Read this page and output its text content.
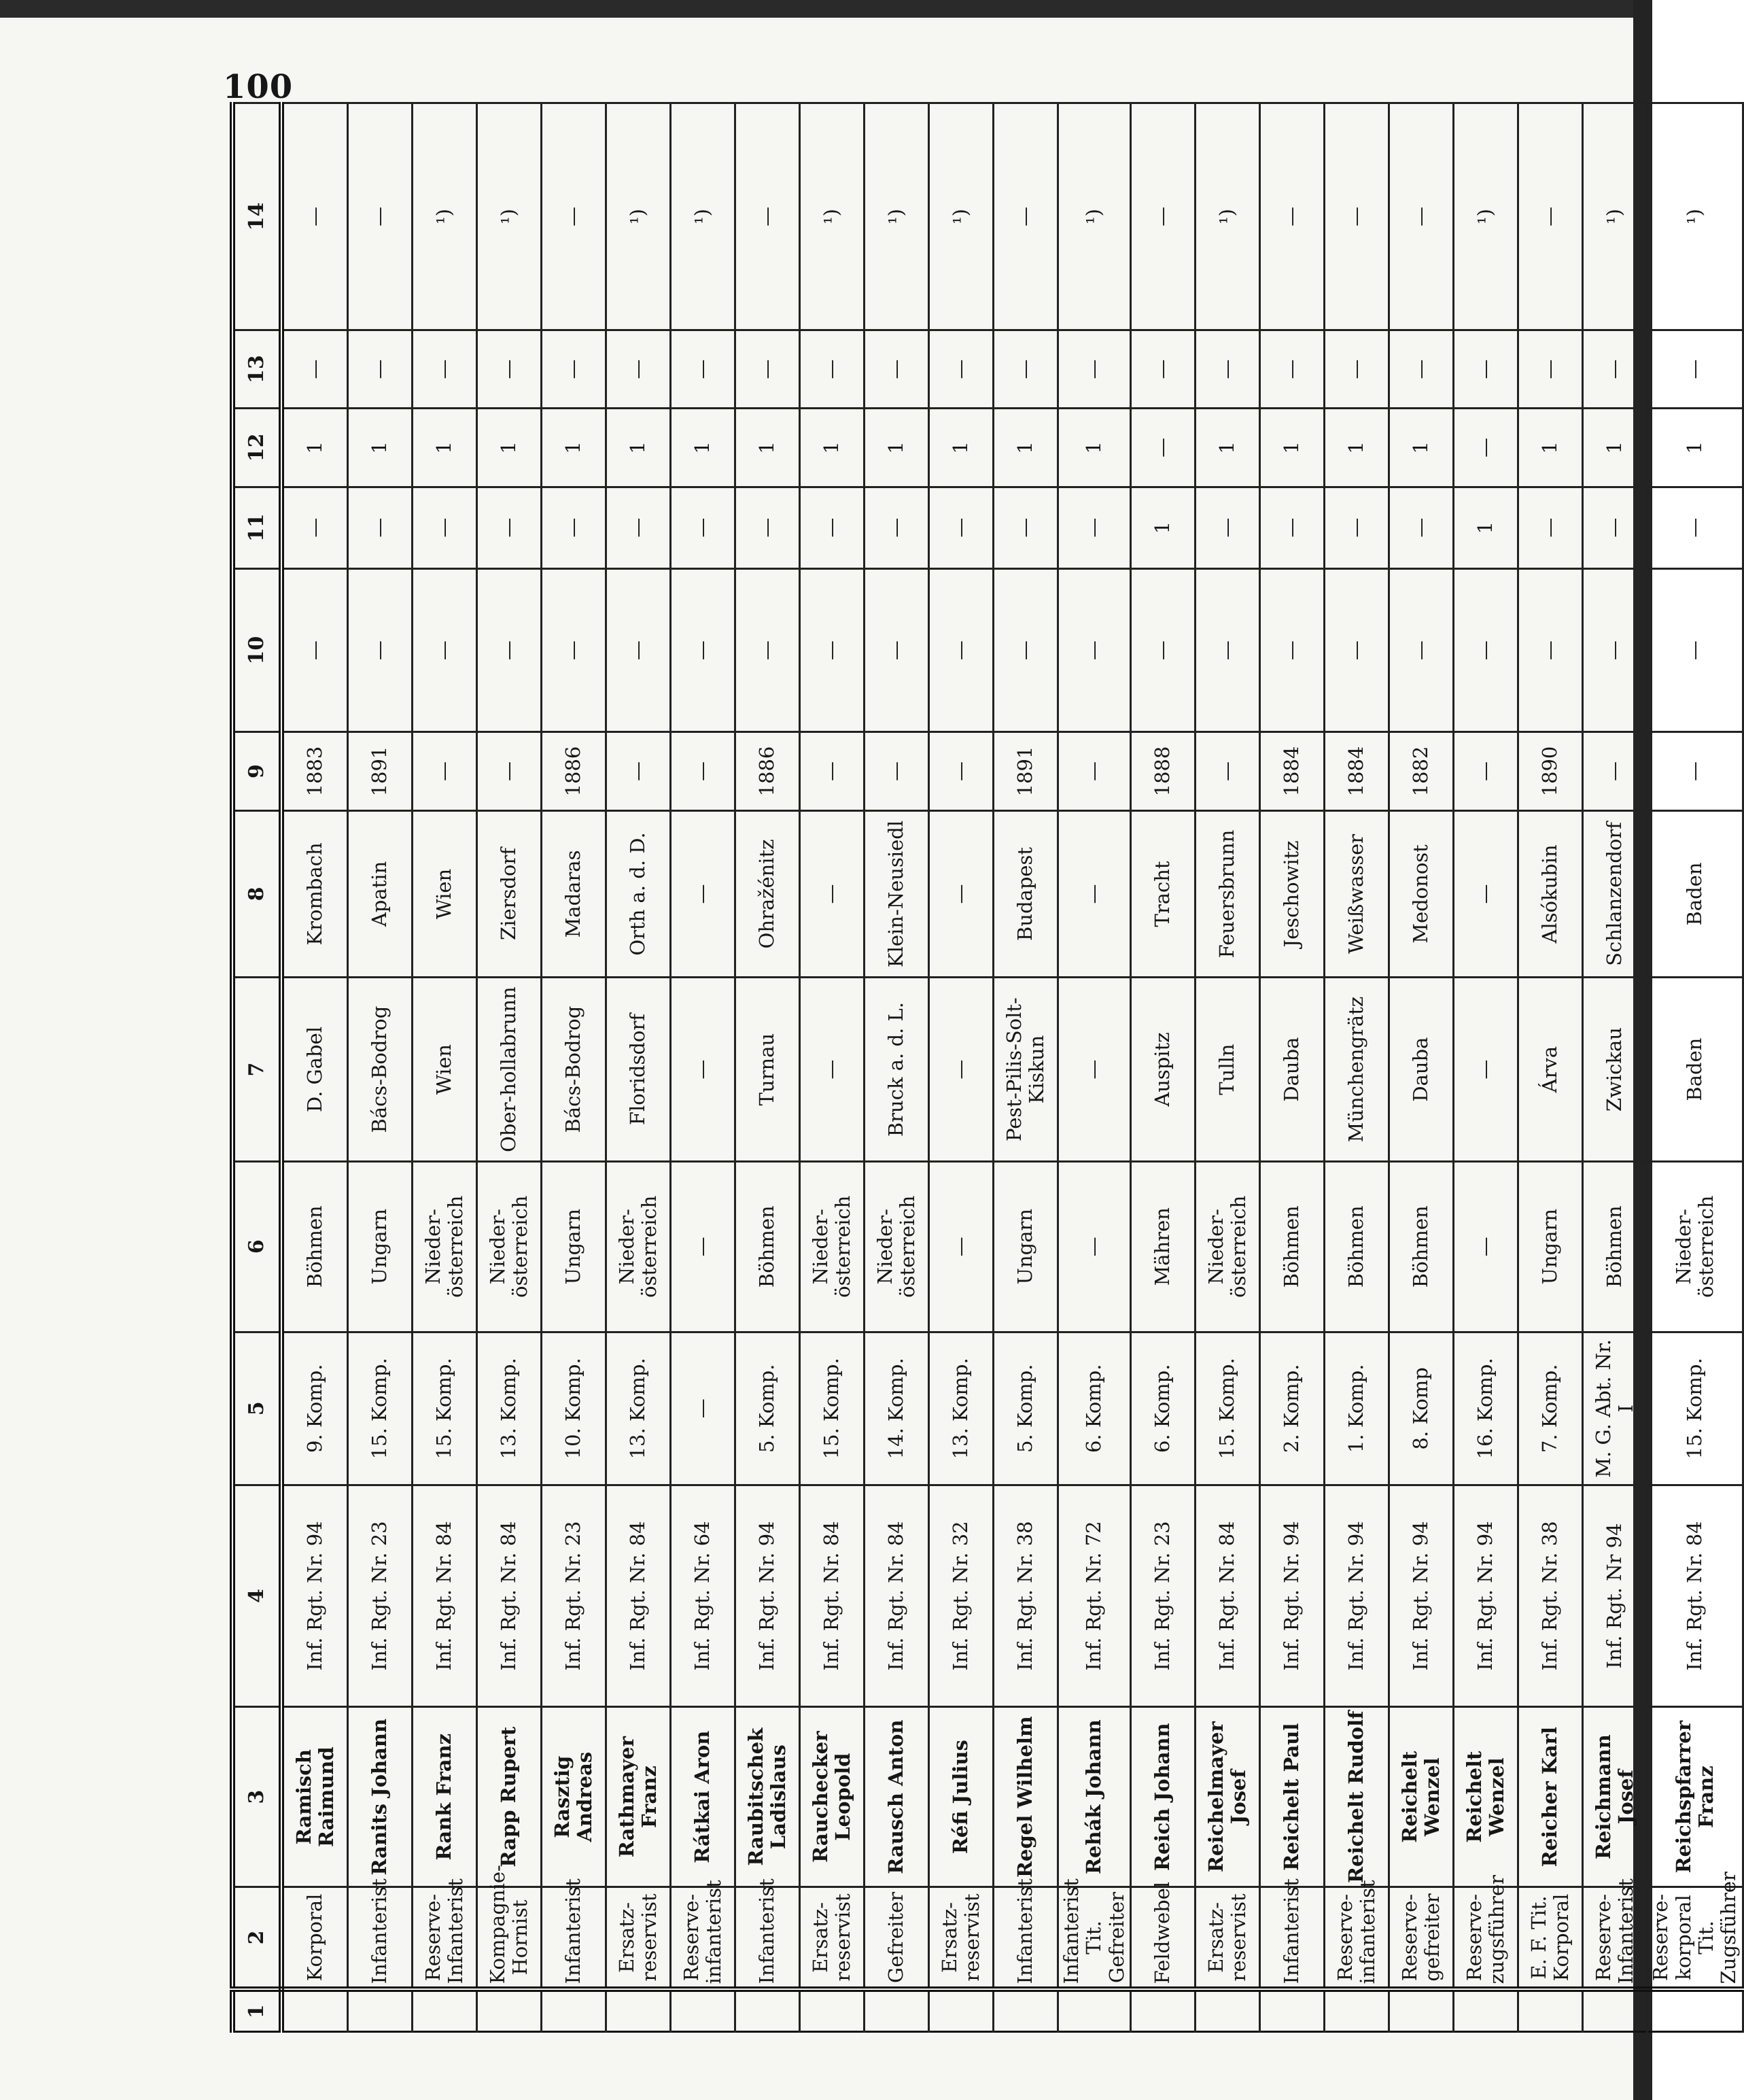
100
1	2	3	4	5	6	7	8	9	10	11	12	13	14
	Korporal	Ramisch Raimund	Inf. Rgt. Nr. 94	9. Komp.	Böhmen	D. Gabel	Krombach	1883	—	—	1	—	—
	Infanterist	Ranits Johann	Inf. Rgt. Nr. 23	15. Komp.	Ungarn	Bács-Bodrog	Apatin	1891	—	—	1	—	—
	Reserve-Infanterist	Rank Franz	Inf. Rgt. Nr. 84	15. Komp.	Nieder-österreich	Wien	Wien	—	—	—	1	—	¹)
	Kompagnie-Hornist	Rapp Rupert	Inf. Rgt. Nr. 84	13. Komp.	Nieder-österreich	Ober-hollabrunn	Ziersdorf	—	—	—	1	—	¹)
	Infanterist	Rasztig Andreas	Inf. Rgt. Nr. 23	10. Komp.	Ungarn	Bács-Bodrog	Madaras	1886	—	—	1	—	—
	Ersatz-reservist	Rathmayer Franz	Inf. Rgt. Nr. 84	13. Komp.	Nieder-österreich	Floridsdorf	Orth a. d. D.	—	—	—	1	—	¹)
	Reserve-infanterist	Rátkai Aron	Inf. Rgt. Nr. 64	—	—	—	—	—	—	—	1	—	¹)
	Infanterist	Raubitschek Ladislaus	Inf. Rgt. Nr. 94	5. Komp.	Böhmen	Turnau	Ohražénitz	1886	—	—	1	—	—
	Ersatz-reservist	Rauchecker Leopold	Inf. Rgt. Nr. 84	15. Komp.	Nieder-österreich	—	—	—	—	—	1	—	¹)
	Gefreiter	Rausch Anton	Inf. Rgt. Nr. 84	14. Komp.	Nieder-österreich	Bruck a. d. L.	Klein-Neusiedl	—	—	—	1	—	¹)
	Ersatz-reservist	Réfi Julius	Inf. Rgt. Nr. 32	13. Komp.	—	—	—	—	—	—	1	—	¹)
	Infanterist	Regel Wilhelm	Inf. Rgt. Nr. 38	5. Komp.	Ungarn	Pest-Pilis-Solt-Kiskun	Budapest	1891	—	—	1	—	—
	Infanterist Tit. Gefreiter	Rehák Johann	Inf. Rgt. Nr. 72	6. Komp.	—	—	—	—	—	—	1	—	¹)
	Feldwebel	Reich Johann	Inf. Rgt. Nr. 23	6. Komp.	Mähren	Auspitz	Tracht	1888	—	1	—	—	—
	Ersatz-reservist	Reichelmayer Josef	Inf. Rgt. Nr. 84	15. Komp.	Nieder-österreich	Tulln	Feuersbrunn	—	—	—	1	—	¹)
	Infanterist	Reichelt Paul	Inf. Rgt. Nr. 94	2. Komp.	Böhmen	Dauba	Jeschowitz	1884	—	—	1	—	—
	Reserve-infanterist	Reichelt Rudolf	Inf. Rgt. Nr. 94	1. Komp.	Böhmen	Münchengrätz	Weißwasser	1884	—	—	1	—	—
	Reserve-gefreiter	Reichelt Wenzel	Inf. Rgt. Nr. 94	8. Komp	Böhmen	Dauba	Medonost	1882	—	—	1	—	—
	Reserve-zugsführer	Reichelt Wenzel	Inf. Rgt. Nr. 94	16. Komp.	—	—	—	—	—	1	—	—	¹)
	E. F. Tit. Korporal	Reicher Karl	Inf. Rgt. Nr. 38	7. Komp.	Ungarn	Árva	Alsókubin	1890	—	—	1	—	—
	Reserve-Infanterist	Reichmann Josef	Inf. Rgt. Nr 94	M. G. Abt. Nr. I	Böhmen	Zwickau	Schlanzendorf	—	—	—	1	—	¹)
	Reserve-korporal Tit. Zugsführer	Reichspfarrer Franz	Inf. Rgt. Nr. 84	15. Komp.	Nieder-österreich	Baden	Baden	—	—	—	1	—	¹)
